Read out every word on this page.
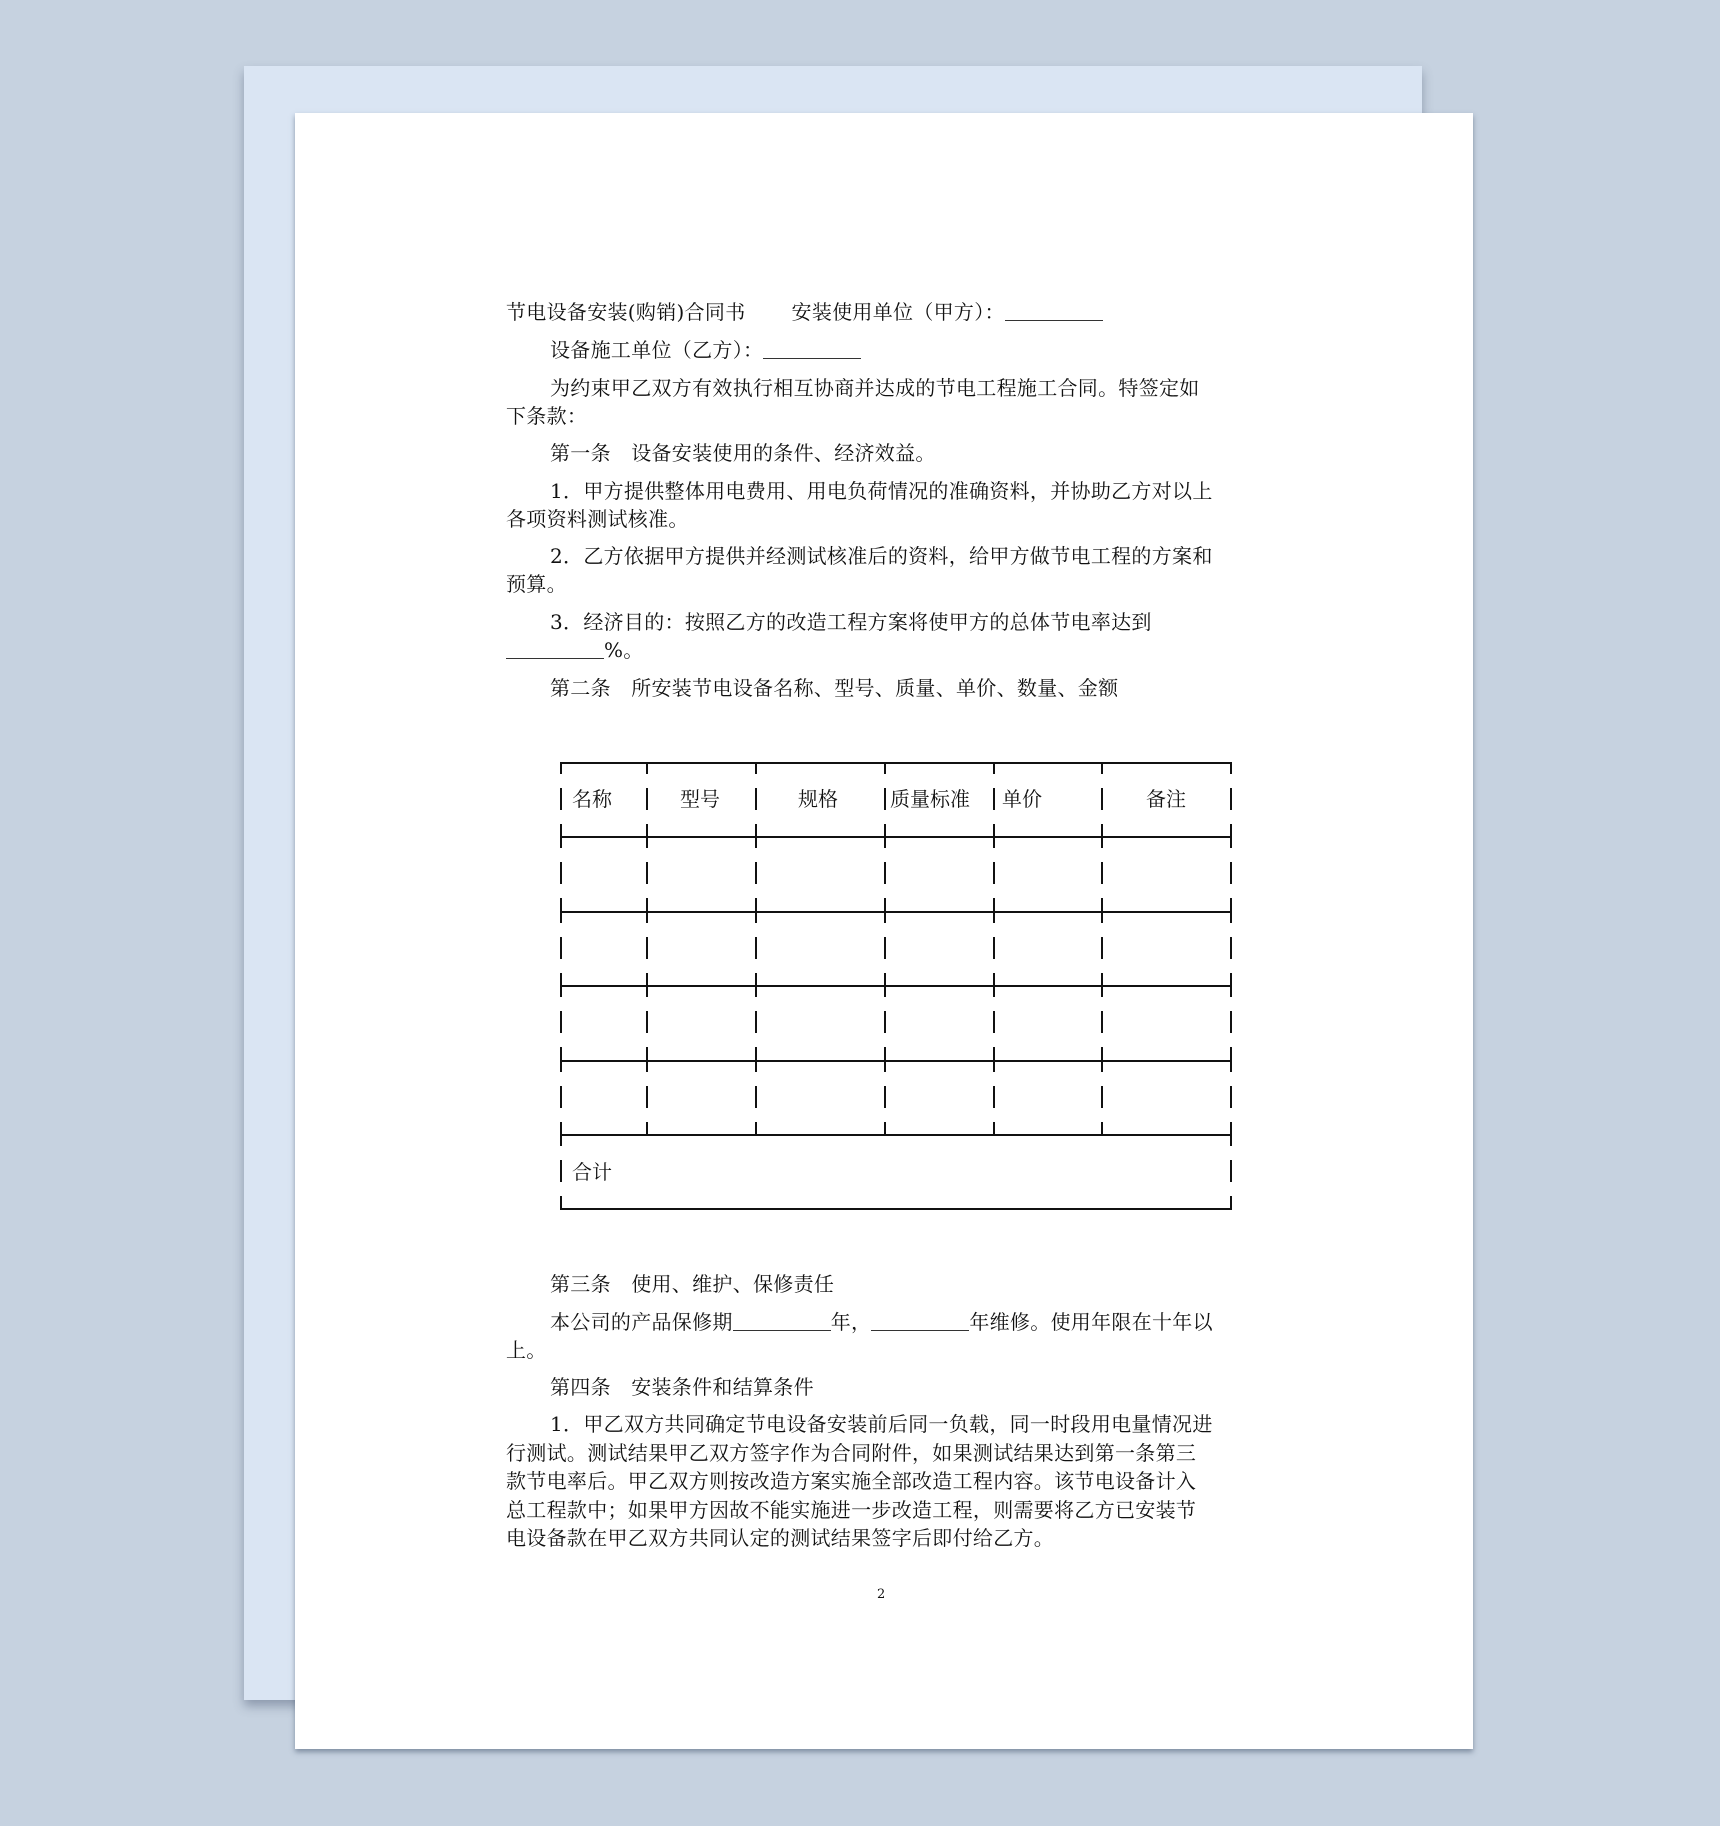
节电设备安装(购销)合同书 安装使用单位（甲方）：
设备施工单位（乙方）：
为约束甲乙双方有效执行相互协商并达成的节电工程施工合同。特签定如
下条款：
第一条　设备安装使用的条件、经济效益。
1．甲方提供整体用电费用、用电负荷情况的准确资料，并协助乙方对以上
各项资料测试核准。
2．乙方依据甲方提供并经测试核准后的资料，给甲方做节电工程的方案和
预算。
3．经济目的：按照乙方的改造工程方案将使甲方的总体节电率达到
%。
第二条　所安装节电设备名称、型号、质量、单价、数量、金额
名称	型号	规格	质量标准 单价	备注
合计
第三条　使用、维护、保修责任
本公司的产品保修期	年，	年维修。使用年限在十年以
上。
第四条　安装条件和结算条件
1．甲乙双方共同确定节电设备安装前后同一负载，同一时段用电量情况进
行测试。测试结果甲乙双方签字作为合同附件，如果测试结果达到第一条第三
款节电率后。甲乙双方则按改造方案实施全部改造工程内容。该节电设备计入
总工程款中；如果甲方因故不能实施进一步改造工程，则需要将乙方已安装节
电设备款在甲乙双方共同认定的测试结果签字后即付给乙方。
2
